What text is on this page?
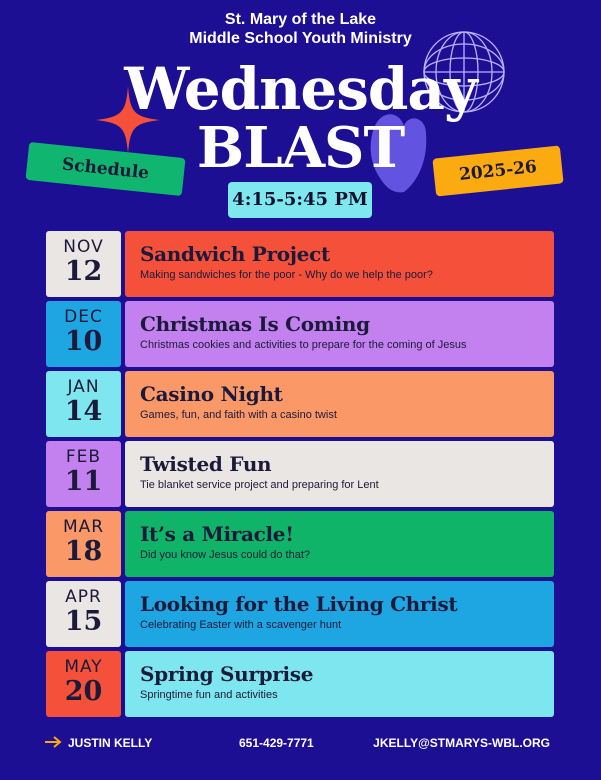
St. Mary of the Lake
Middle School Youth Ministry
Wednesday
BLAST
Schedule	2025-26
4:15-5:45 PM
NOV
12
Sandwich Project
Making sandwiches for the poor - Why do we help the poor?
DEC
10
Christmas Is Coming
Christmas cookies and activities to prepare for the coming of Jesus
JAN
14
Casino Night
Games, fun, and faith with a casino twist
FEB
11
Twisted Fun
Tie blanket service project and preparing for Lent
MAR
18
It’s a Miracle!
Did you know Jesus could do that?
APR
15
Looking for the Living Christ
Celebrating Easter with a scavenger hunt
MAY
20
Spring Surprise
Springtime fun and activities
JUSTIN KELLY	651-429-7771	JKELLY@STMARYS-WBL.ORG
